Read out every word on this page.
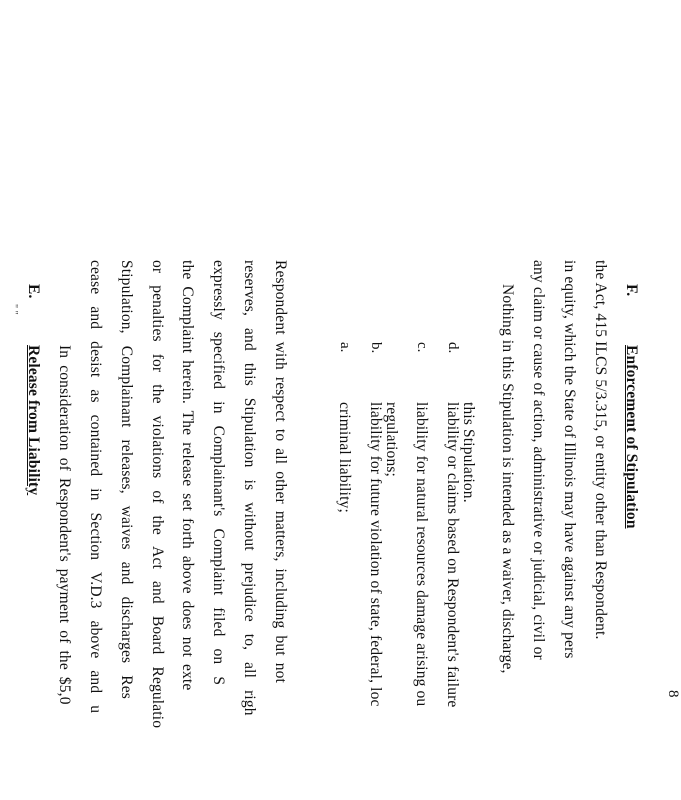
" "
E.
Release from Liability In consideration of Respondent's payment of the $5,0 cease and desist as contained in Section V.D.3 above and u Stipulation, Complainant releases, waives and discharges Res or penalties for the violations of the Act and Board Regulatio the Complaint herein. The release set forth above does not exte expressly specified in Complainant's Complaint filed on S reserves, and this Stipulation is without prejudice to, all righ Respondent with respect to all other matters, including but not	a.
criminal liability;
b.
liability for future violation of state, federal, loc regulations;
c.
liability for natural resources damage arising ou
d.
liability or claims based on Respondent's failure this Stipulation. Nothing in this Stipulation is intended as a waiver, discharge, any claim or cause of action, administrative or judicial, civil or in equity, which the State of Illinois may have against any pers the Act, 415 ILCS 5/3.315, or entity other than Respondent. F.
Enforcement of Stipulation
8
